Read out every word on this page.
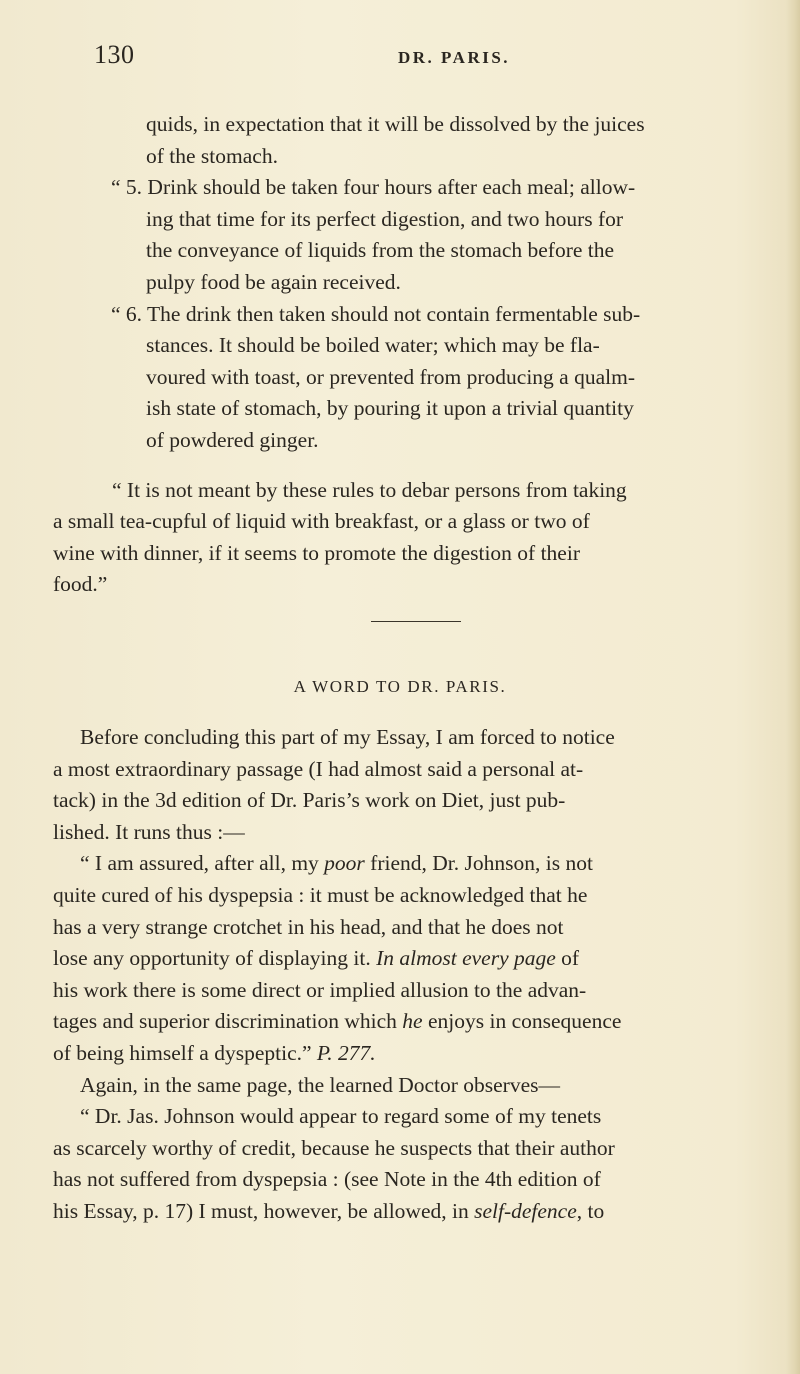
130	DR. PARIS.
quids, in expectation that it will be dissolved by the juices
of the stomach.
“ 5. Drink should be taken four hours after each meal; allow-
ing that time for its perfect digestion, and two hours for
the conveyance of liquids from the stomach before the
pulpy food be again received.
“ 6. The drink then taken should not contain fermentable sub-
stances. It should be boiled water; which may be fla-
voured with toast, or prevented from producing a qualm-
ish state of stomach, by pouring it upon a trivial quantity
of powdered ginger.
“ It is not meant by these rules to debar persons from taking
a small tea-cupful of liquid with breakfast, or a glass or two of
wine with dinner, if it seems to promote the digestion of their
food.”
A WORD TO DR. PARIS.
Before concluding this part of my Essay, I am forced to notice
a most extraordinary passage (I had almost said a personal at-
tack) in the 3d edition of Dr. Paris’s work on Diet, just pub-
lished. It runs thus :—
“ I am assured, after all, my poor friend, Dr. Johnson, is not
quite cured of his dyspepsia : it must be acknowledged that he
has a very strange crotchet in his head, and that he does not
lose any opportunity of displaying it. In almost every page of
his work there is some direct or implied allusion to the advan-
tages and superior discrimination which he enjoys in consequence
of being himself a dyspeptic.” P. 277.
Again, in the same page, the learned Doctor observes—
“ Dr. Jas. Johnson would appear to regard some of my tenets
as scarcely worthy of credit, because he suspects that their author
has not suffered from dyspepsia : (see Note in the 4th edition of
his Essay, p. 17) I must, however, be allowed, in self-defence, to
